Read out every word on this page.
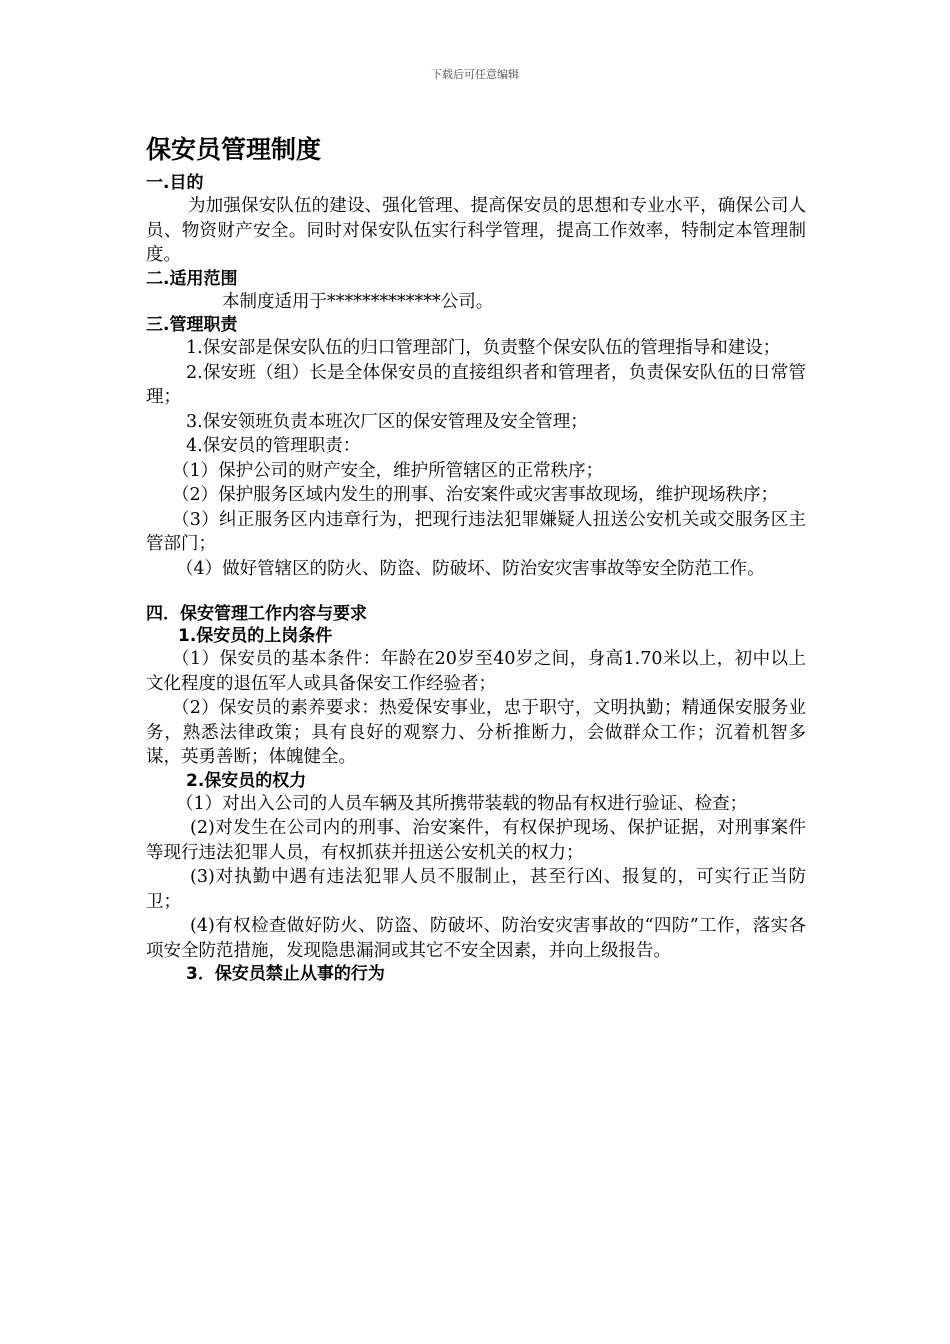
下载后可任意编辑
保安员管理制度
一.目的

为加强保安队伍的建设、强化管理、提高保安员的思想和专业水平，确保公司人员、物资财产安全。同时对保安队伍实行科学管理，提高工作效率，特制定本管理制度。

二.适用范围

本制度适用于*************公司。

三.管理职责

1.保安部是保安队伍的归口管理部门，负责整个保安队伍的管理指导和建设；

2.保安班（组）长是全体保安员的直接组织者和管理者，负责保安队伍的日常管理；

3.保安领班负责本班次厂区的保安管理及安全管理；

4.保安员的管理职责：

（1）保护公司的财产安全，维护所管辖区的正常秩序；

（2）保护服务区域内发生的刑事、治安案件或灾害事故现场，维护现场秩序；

（3）纠正服务区内违章行为，把现行违法犯罪嫌疑人扭送公安机关或交服务区主管部门；

（4）做好管辖区的防火、防盗、防破坏、防治安灾害事故等安全防范工作。

四．保安管理工作内容与要求
1.保安员的上岗条件

（1）保安员的基本条件：年龄在20岁至40岁之间，身高1.70米以上，初中以上文化程度的退伍军人或具备保安工作经验者；

（2）保安员的素养要求：热爱保安事业，忠于职守，文明执勤；精通保安服务业务，熟悉法律政策；具有良好的观察力、分析推断力，会做群众工作；沉着机智多谋，英勇善断；体魄健全。

2.保安员的权力

（1）对出入公司的人员车辆及其所携带装载的物品有权进行验证、检查；

(2)对发生在公司内的刑事、治安案件，有权保护现场、保护证据，对刑事案件等现行违法犯罪人员，有权抓获并扭送公安机关的权力；

(3)对执勤中遇有违法犯罪人员不服制止，甚至行凶、报复的，可实行正当防卫；

(4)有权检查做好防火、防盗、防破坏、防治安灾害事故的“四防”工作，落实各项安全防范措施，发现隐患漏洞或其它不安全因素，并向上级报告。

3．保安员禁止从事的行为
